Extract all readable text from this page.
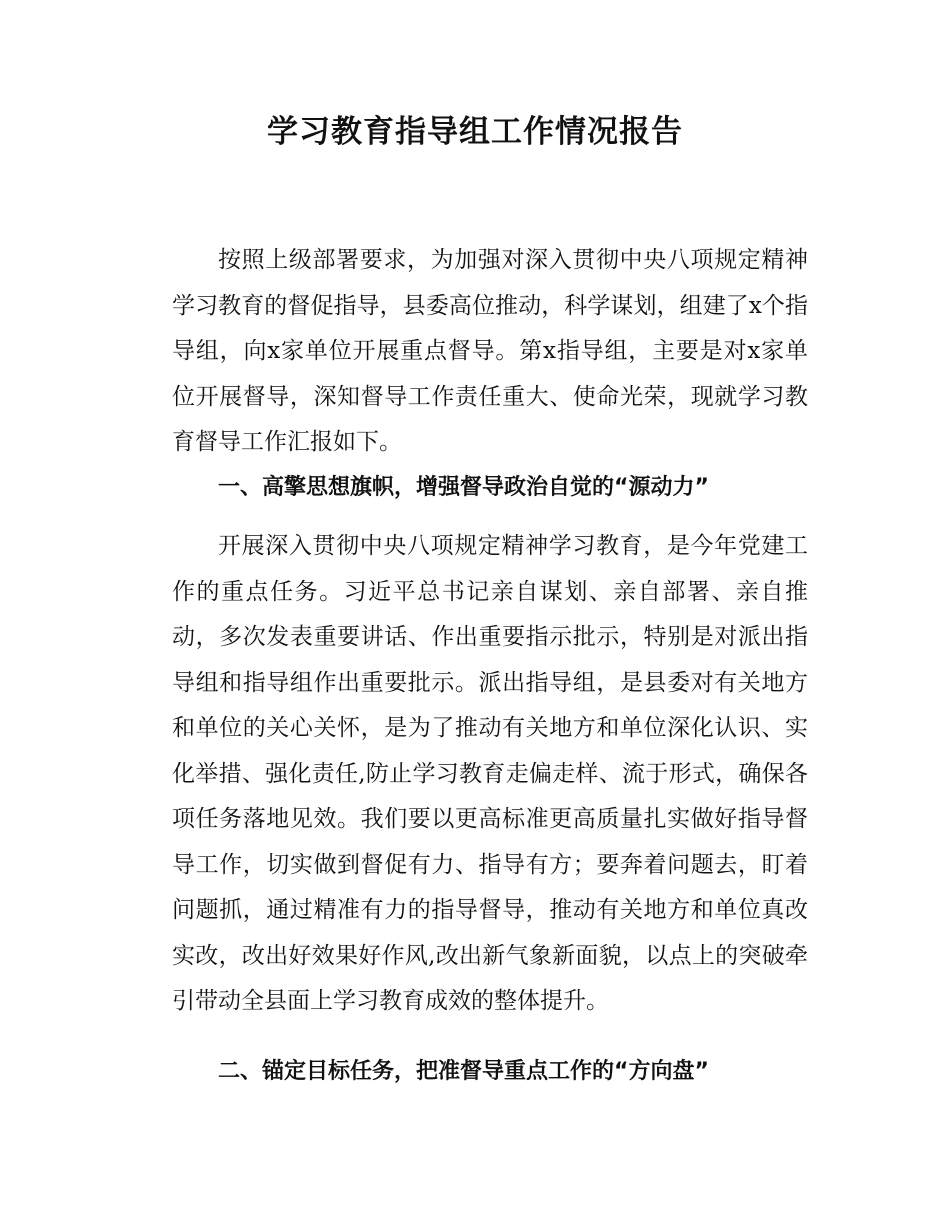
学习教育指导组工作情况报告

按照上级部署要求，为加强对深入贯彻中央八项规定精神学习教育的督促指导，县委高位推动，科学谋划，组建了x个指导组，向x家单位开展重点督导。第x指导组，主要是对x家单位开展督导，深知督导工作责任重大、使命光荣，现就学习教育督导工作汇报如下。

一、高擎思想旗帜，增强督导政治自觉的“源动力”

开展深入贯彻中央八项规定精神学习教育，是今年党建工作的重点任务。习近平总书记亲自谋划、亲自部署、亲自推动，多次发表重要讲话、作出重要指示批示，特别是对派出指导组和指导组作出重要批示。派出指导组，是县委对有关地方和单位的关心关怀，是为了推动有关地方和单位深化认识、实化举措、强化责任,防止学习教育走偏走样、流于形式，确保各项任务落地见效。我们要以更高标准更高质量扎实做好指导督导工作，切实做到督促有力、指导有方；要奔着问题去，盯着问题抓，通过精准有力的指导督导，推动有关地方和单位真改实改，改出好效果好作风,改出新气象新面貌，以点上的突破牵引带动全县面上学习教育成效的整体提升。

二、锚定目标任务，把准督导重点工作的“方向盘”
